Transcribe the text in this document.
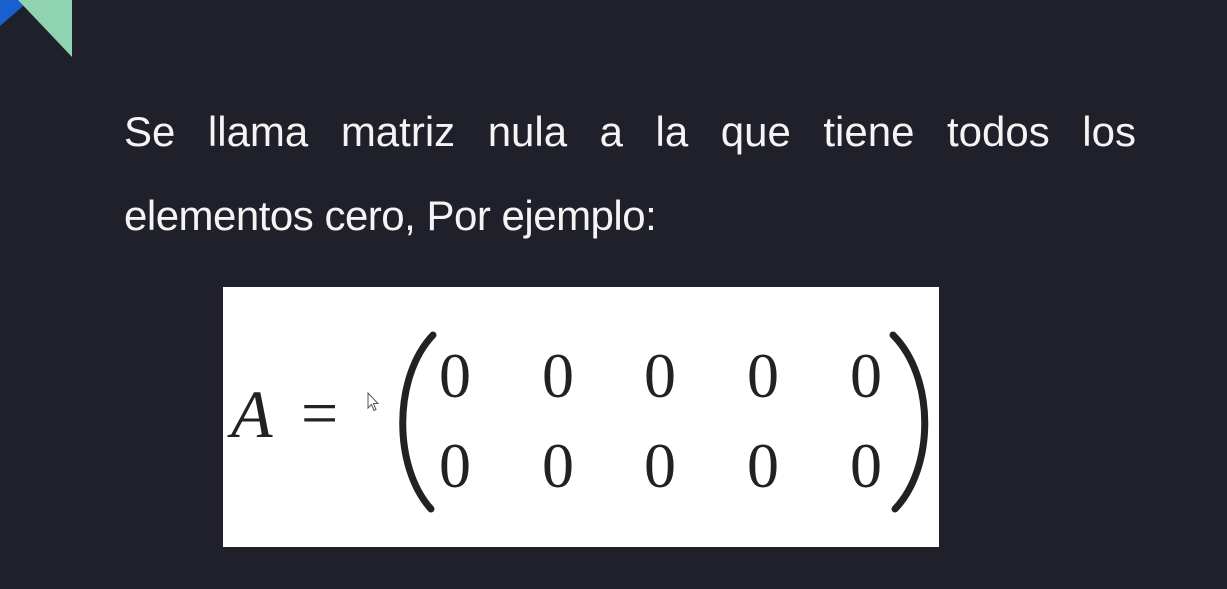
Se llama matriz nula a la que tiene todos los
elementos cero, Por ejemplo:
A =
0 0 0 0 0
0 0 0 0 0
